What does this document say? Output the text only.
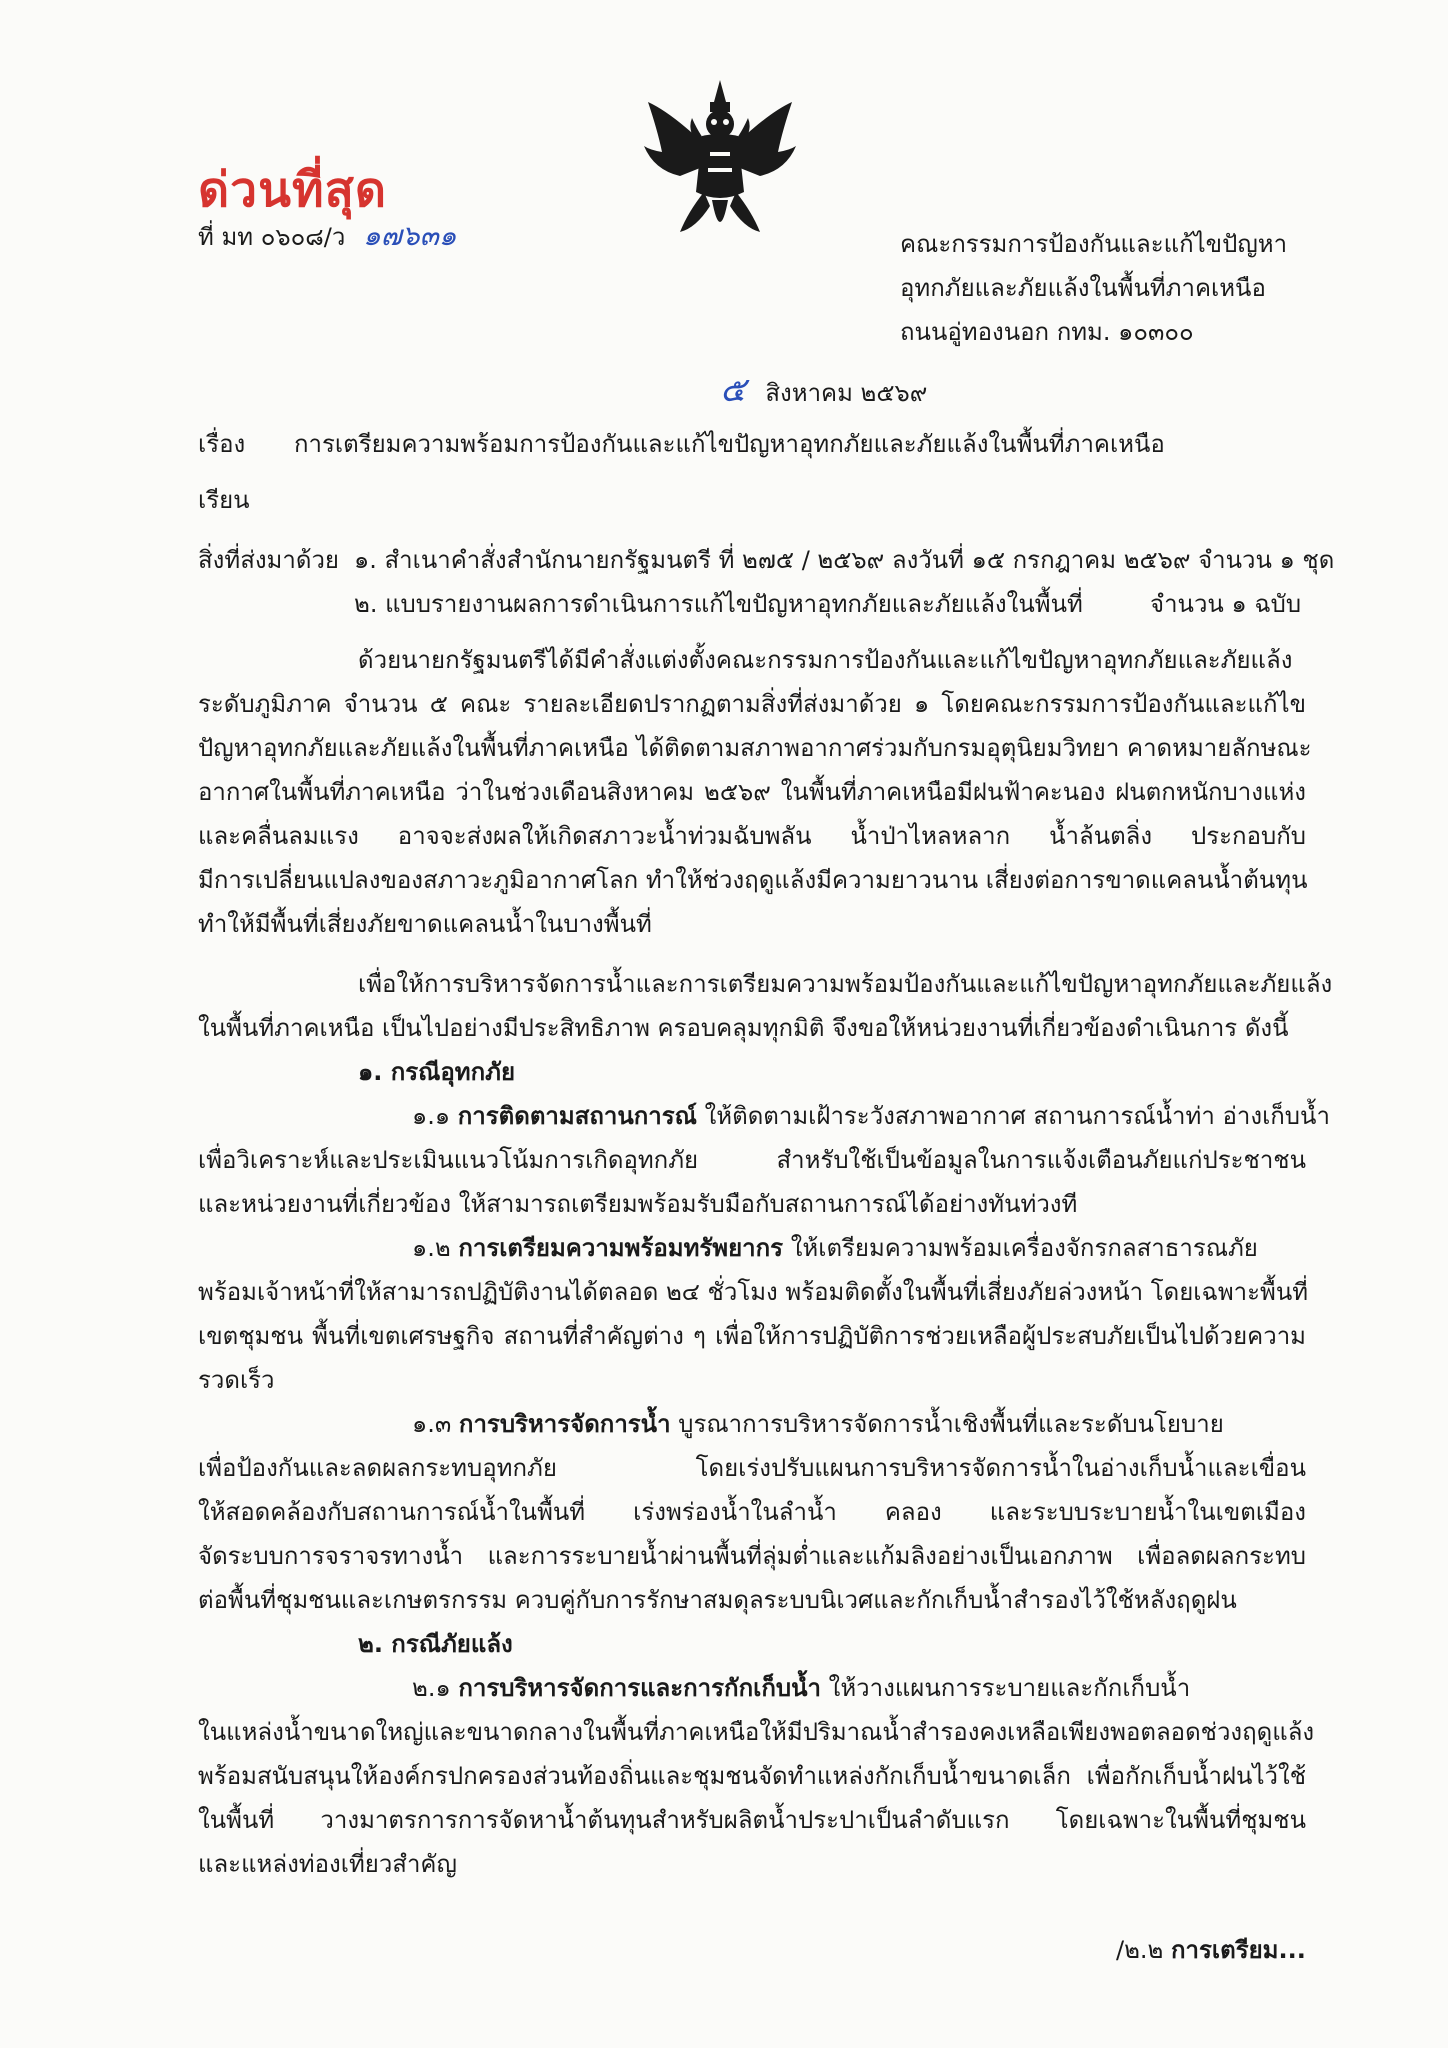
ด่วนที่สุด
ที่ มท ๐๖๐๘/ว ๑๗๖๓๑	คณะกรรมการป้องกันและแก้ไขปัญหา
อุทกภัยและภัยแล้งในพื้นที่ภาคเหนือ
ถนนอู่ทองนอก กทม. ๑๐๓๐๐
๕ สิงหาคม ๒๕๖๙
เรื่อง การเตรียมความพร้อมการป้องกันและแก้ไขปัญหาอุทกภัยและภัยแล้งในพื้นที่ภาคเหนือ
เรียน
สิ่งที่ส่งมาด้วย ๑. สำเนาคำสั่งสำนักนายกรัฐมนตรี ที่ ๒๗๕ / ๒๕๖๙ ลงวันที่ ๑๕ กรกฎาคม ๒๕๖๙ จำนวน ๑ ชุด
๒. แบบรายงานผลการดำเนินการแก้ไขปัญหาอุทกภัยและภัยแล้งในพื้นที่	จำนวน ๑ ฉบับ
ด้วยนายกรัฐมนตรีได้มีคำสั่งแต่งตั้งคณะกรรมการป้องกันและแก้ไขปัญหาอุทกภัยและภัยแล้ง
ระดับภูมิภาค จำนวน ๕ คณะ รายละเอียดปรากฏตามสิ่งที่ส่งมาด้วย ๑ โดยคณะกรรมการป้องกันและแก้ไข
ปัญหาอุทกภัยและภัยแล้งในพื้นที่ภาคเหนือ ได้ติดตามสภาพอากาศร่วมกับกรมอุตุนิยมวิทยา คาดหมายลักษณะ
อากาศในพื้นที่ภาคเหนือ ว่าในช่วงเดือนสิงหาคม ๒๕๖๙ ในพื้นที่ภาคเหนือมีฝนฟ้าคะนอง ฝนตกหนักบางแห่ง
และคลื่นลมแรง อาจจะส่งผลให้เกิดสภาวะน้ำท่วมฉับพลัน น้ำป่าไหลหลาก น้ำล้นตลิ่ง ประกอบกับ
มีการเปลี่ยนแปลงของสภาวะภูมิอากาศโลก ทำให้ช่วงฤดูแล้งมีความยาวนาน เสี่ยงต่อการขาดแคลนน้ำต้นทุน
ทำให้มีพื้นที่เสี่ยงภัยขาดแคลนน้ำในบางพื้นที่
เพื่อให้การบริหารจัดการน้ำและการเตรียมความพร้อมป้องกันและแก้ไขปัญหาอุทกภัยและภัยแล้ง
ในพื้นที่ภาคเหนือ เป็นไปอย่างมีประสิทธิภาพ ครอบคลุมทุกมิติ จึงขอให้หน่วยงานที่เกี่ยวข้องดำเนินการ ดังนี้
๑. กรณีอุทกภัย
๑.๑ การติดตามสถานการณ์ ให้ติดตามเฝ้าระวังสภาพอากาศ สถานการณ์น้ำท่า อ่างเก็บน้ำ
เพื่อวิเคราะห์และประเมินแนวโน้มการเกิดอุทกภัย สำหรับใช้เป็นข้อมูลในการแจ้งเตือนภัยแก่ประชาชน
และหน่วยงานที่เกี่ยวข้อง ให้สามารถเตรียมพร้อมรับมือกับสถานการณ์ได้อย่างทันท่วงที
๑.๒ การเตรียมความพร้อมทรัพยากร ให้เตรียมความพร้อมเครื่องจักรกลสาธารณภัย
พร้อมเจ้าหน้าที่ให้สามารถปฏิบัติงานได้ตลอด ๒๔ ชั่วโมง พร้อมติดตั้งในพื้นที่เสี่ยงภัยล่วงหน้า โดยเฉพาะพื้นที่
เขตชุมชน พื้นที่เขตเศรษฐกิจ สถานที่สำคัญต่าง ๆ เพื่อให้การปฏิบัติการช่วยเหลือผู้ประสบภัยเป็นไปด้วยความ
รวดเร็ว
๑.๓ การบริหารจัดการน้ำ บูรณาการบริหารจัดการน้ำเชิงพื้นที่และระดับนโยบาย
เพื่อป้องกันและลดผลกระทบอุทกภัย โดยเร่งปรับแผนการบริหารจัดการน้ำในอ่างเก็บน้ำและเขื่อน
ให้สอดคล้องกับสถานการณ์น้ำในพื้นที่ เร่งพร่องน้ำในลำน้ำ คลอง และระบบระบายน้ำในเขตเมือง
จัดระบบการจราจรทางน้ำ และการระบายน้ำผ่านพื้นที่ลุ่มต่ำและแก้มลิงอย่างเป็นเอกภาพ เพื่อลดผลกระทบ
ต่อพื้นที่ชุมชนและเกษตรกรรม ควบคู่กับการรักษาสมดุลระบบนิเวศและกักเก็บน้ำสำรองไว้ใช้หลังฤดูฝน
๒. กรณีภัยแล้ง
๒.๑ การบริหารจัดการและการกักเก็บน้ำ ให้วางแผนการระบายและกักเก็บน้ำ
ในแหล่งน้ำขนาดใหญ่และขนาดกลางในพื้นที่ภาคเหนือให้มีปริมาณน้ำสำรองคงเหลือเพียงพอตลอดช่วงฤดูแล้ง
พร้อมสนับสนุนให้องค์กรปกครองส่วนท้องถิ่นและชุมชนจัดทำแหล่งกักเก็บน้ำขนาดเล็ก เพื่อกักเก็บน้ำฝนไว้ใช้
ในพื้นที่ วางมาตรการการจัดหาน้ำต้นทุนสำหรับผลิตน้ำประปาเป็นลำดับแรก โดยเฉพาะในพื้นที่ชุมชน
และแหล่งท่องเที่ยวสำคัญ
/๒.๒ การเตรียม...
